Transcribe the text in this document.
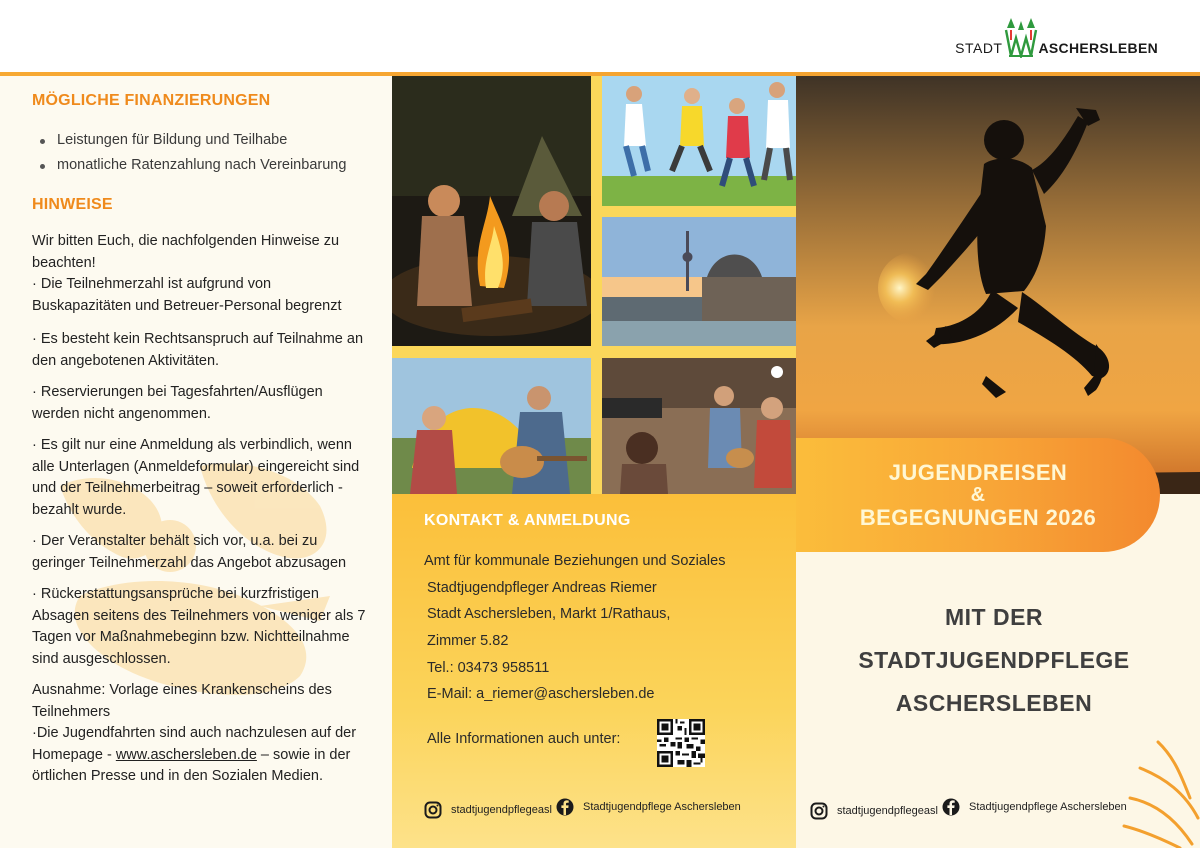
STADT	ASCHERSLEBEN
MÖGLICHE FINANZIERUNGEN
Leistungen für Bildung und Teilhabe
monatliche Ratenzahlung nach Vereinbarung
HINWEISE

Wir bitten Euch, die nachfolgenden Hinweise zu beachten!
· Die Teilnehmerzahl ist aufgrund von Buskapazitäten und Betreuer-Personal begrenzt

· Es besteht kein Rechtsanspruch auf Teilnahme an den angebotenen Aktivitäten.

· Reservierungen bei Tagesfahrten/Ausflügen werden nicht angenommen.

· Es gilt nur eine Anmeldung als verbindlich, wenn alle Unterlagen (Anmeldeformular) eingereicht sind und der Teilnehmerbeitrag – soweit erforderlich - bezahlt wurde.

· Der Veranstalter behält sich vor, u.a. bei zu geringer Teilnehmerzahl das Angebot abzusagen

· Rückerstattungsansprüche bei kurzfristigen Absagen seitens des Teilnehmers von weniger als 7 Tagen vor Maßnahmebeginn bzw. Nichtteilnahme sind ausgeschlossen.

Ausnahme: Vorlage eines Krankenscheins des Teilnehmers
·Die Jugendfahrten sind auch nachzulesen auf der Homepage - www.aschersleben.de – sowie in der örtlichen Presse und in den Sozialen Medien.

KONTAKT & ANMELDUNG
Amt für kommunale Beziehungen und Soziales
Stadtjugendpfleger Andreas Riemer
Stadt Aschersleben, Markt 1/Rathaus,
Zimmer 5.82
Tel.: 03473 958511
E-Mail: a_riemer@aschersleben.de
Alle Informationen auch unter:
stadtjugendpflegeasl	Stadtjugendpflege Aschersleben
JUGENDREISEN
&
BEGEGNUNGEN 2026
MIT DER
STADTJUGENDPFLEGE
ASCHERSLEBEN
stadtjugendpflegeasl	Stadtjugendpflege Aschersleben
